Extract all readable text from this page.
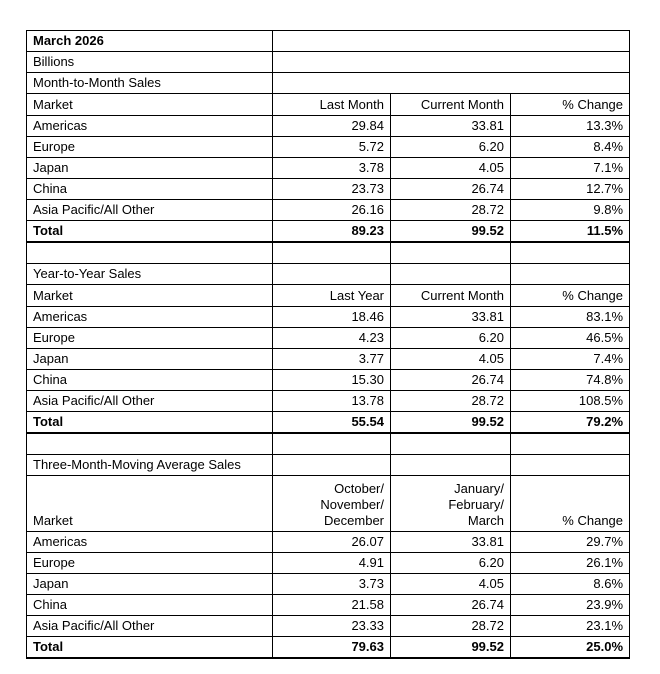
March 2026			
Billions			
Month-to-Month Sales			
Market	Last Month	Current Month	% Change
Americas	29.84	33.81	13.3%
Europe	5.72	6.20	8.4%
Japan	3.78	4.05	7.1%
China	23.73	26.74	12.7%
Asia Pacific/All Other	26.16	28.72	9.8%
Total	89.23	99.52	11.5%

Year-to-Year Sales			
Market	Last Year	Current Month	% Change
Americas	18.46	33.81	83.1%
Europe	4.23	6.20	46.5%
Japan	3.77	4.05	7.4%
China	15.30	26.74	74.8%
Asia Pacific/All Other	13.78	28.72	108.5%
Total	55.54	99.52	79.2%

Three-Month-Moving Average Sales			
Market	October/
November/
December	January/
February/
March	% Change
Americas	26.07	33.81	29.7%
Europe	4.91	6.20	26.1%
Japan	3.73	4.05	8.6%
China	21.58	26.74	23.9%
Asia Pacific/All Other	23.33	28.72	23.1%
Total	79.63	99.52	25.0%
